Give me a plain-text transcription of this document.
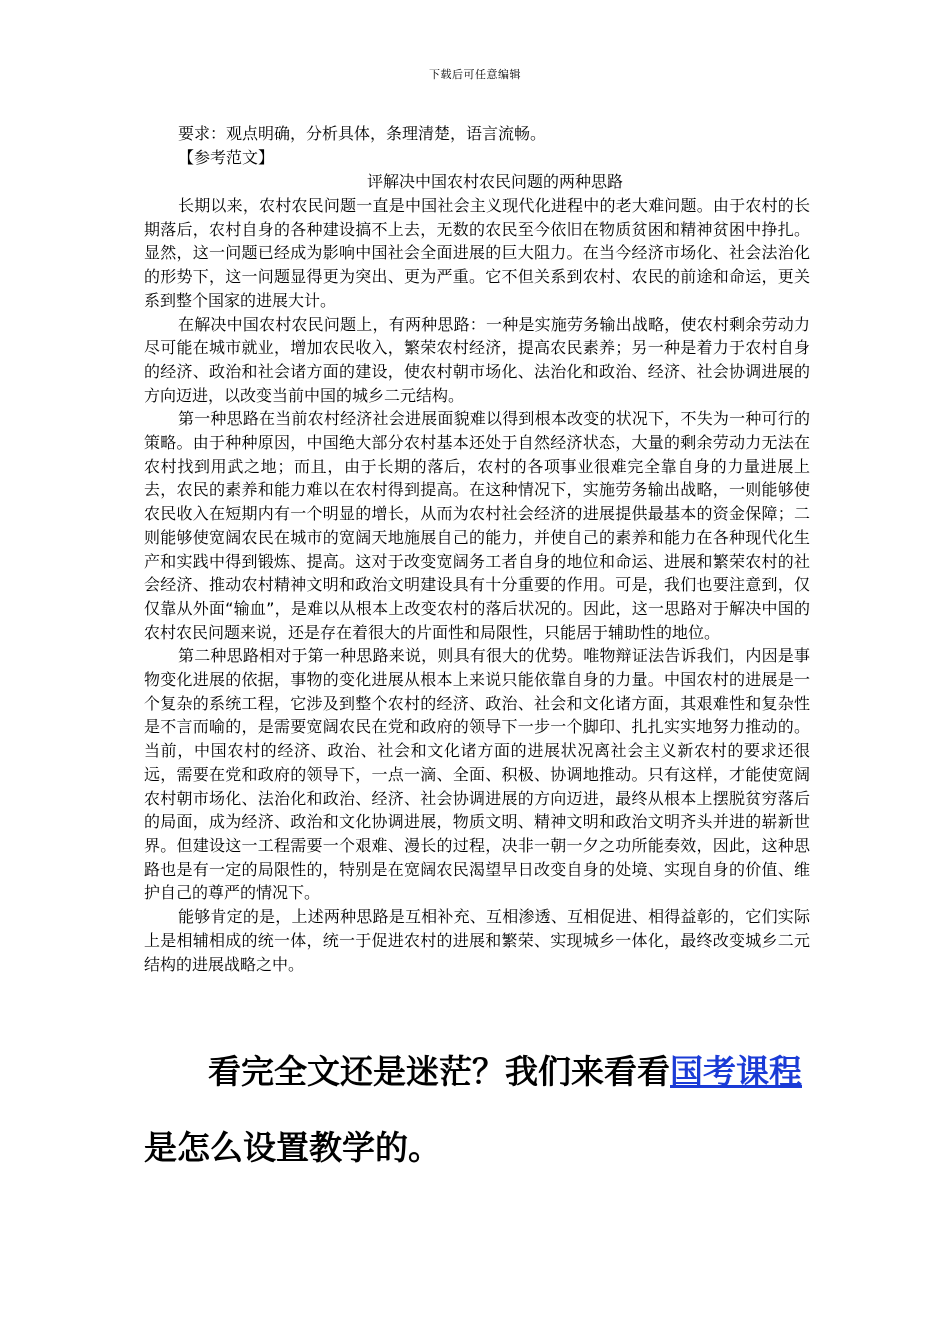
下载后可任意编辑
要求：观点明确，分析具体，条理清楚，语言流畅。
【参考范文】
评解决中国农村农民问题的两种思路

长期以来，农村农民问题一直是中国社会主义现代化进程中的老大难问题。由于农村的长期落后，农村自身的各种建设搞不上去，无数的农民至今依旧在物质贫困和精神贫困中挣扎。显然，这一问题已经成为影响中国社会全面进展的巨大阻力。在当今经济市场化、社会法治化的形势下，这一问题显得更为突出、更为严重。它不但关系到农村、农民的前途和命运，更关系到整个国家的进展大计。

在解决中国农村农民问题上，有两种思路：一种是实施劳务输出战略，使农村剩余劳动力尽可能在城市就业，增加农民收入，繁荣农村经济，提高农民素养；另一种是着力于农村自身的经济、政治和社会诸方面的建设，使农村朝市场化、法治化和政治、经济、社会协调进展的方向迈进，以改变当前中国的城乡二元结构。

第一种思路在当前农村经济社会进展面貌难以得到根本改变的状况下，不失为一种可行的策略。由于种种原因，中国绝大部分农村基本还处于自然经济状态，大量的剩余劳动力无法在农村找到用武之地；而且，由于长期的落后，农村的各项事业很难完全靠自身的力量进展上去，农民的素养和能力难以在农村得到提高。在这种情况下，实施劳务输出战略，一则能够使农民收入在短期内有一个明显的增长，从而为农村社会经济的进展提供最基本的资金保障；二则能够使宽阔农民在城市的宽阔天地施展自己的能力，并使自己的素养和能力在各种现代化生产和实践中得到锻炼、提高。这对于改变宽阔务工者自身的地位和命运、进展和繁荣农村的社会经济、推动农村精神文明和政治文明建设具有十分重要的作用。可是，我们也要注意到，仅仅靠从外面“输血”，是难以从根本上改变农村的落后状况的。因此，这一思路对于解决中国的农村农民问题来说，还是存在着很大的片面性和局限性，只能居于辅助性的地位。

第二种思路相对于第一种思路来说，则具有很大的优势。唯物辩证法告诉我们，内因是事物变化进展的依据，事物的变化进展从根本上来说只能依靠自身的力量。中国农村的进展是一个复杂的系统工程，它涉及到整个农村的经济、政治、社会和文化诸方面，其艰难性和复杂性是不言而喻的，是需要宽阔农民在党和政府的领导下一步一个脚印、扎扎实实地努力推动的。当前，中国农村的经济、政治、社会和文化诸方面的进展状况离社会主义新农村的要求还很远，需要在党和政府的领导下，一点一滴、全面、积极、协调地推动。只有这样，才能使宽阔农村朝市场化、法治化和政治、经济、社会协调进展的方向迈进，最终从根本上摆脱贫穷落后的局面，成为经济、政治和文化协调进展，物质文明、精神文明和政治文明齐头并进的崭新世界。但建设这一工程需要一个艰难、漫长的过程，决非一朝一夕之功所能奏效，因此，这种思路也是有一定的局限性的，特别是在宽阔农民渴望早日改变自身的处境、实现自身的价值、维护自己的尊严的情况下。

能够肯定的是，上述两种思路是互相补充、互相渗透、互相促进、相得益彰的，它们实际上是相辅相成的统一体，统一于促进农村的进展和繁荣、实现城乡一体化，最终改变城乡二元结构的进展战略之中。

看完全文还是迷茫？我们来看看国考课程
是怎么设置教学的。
